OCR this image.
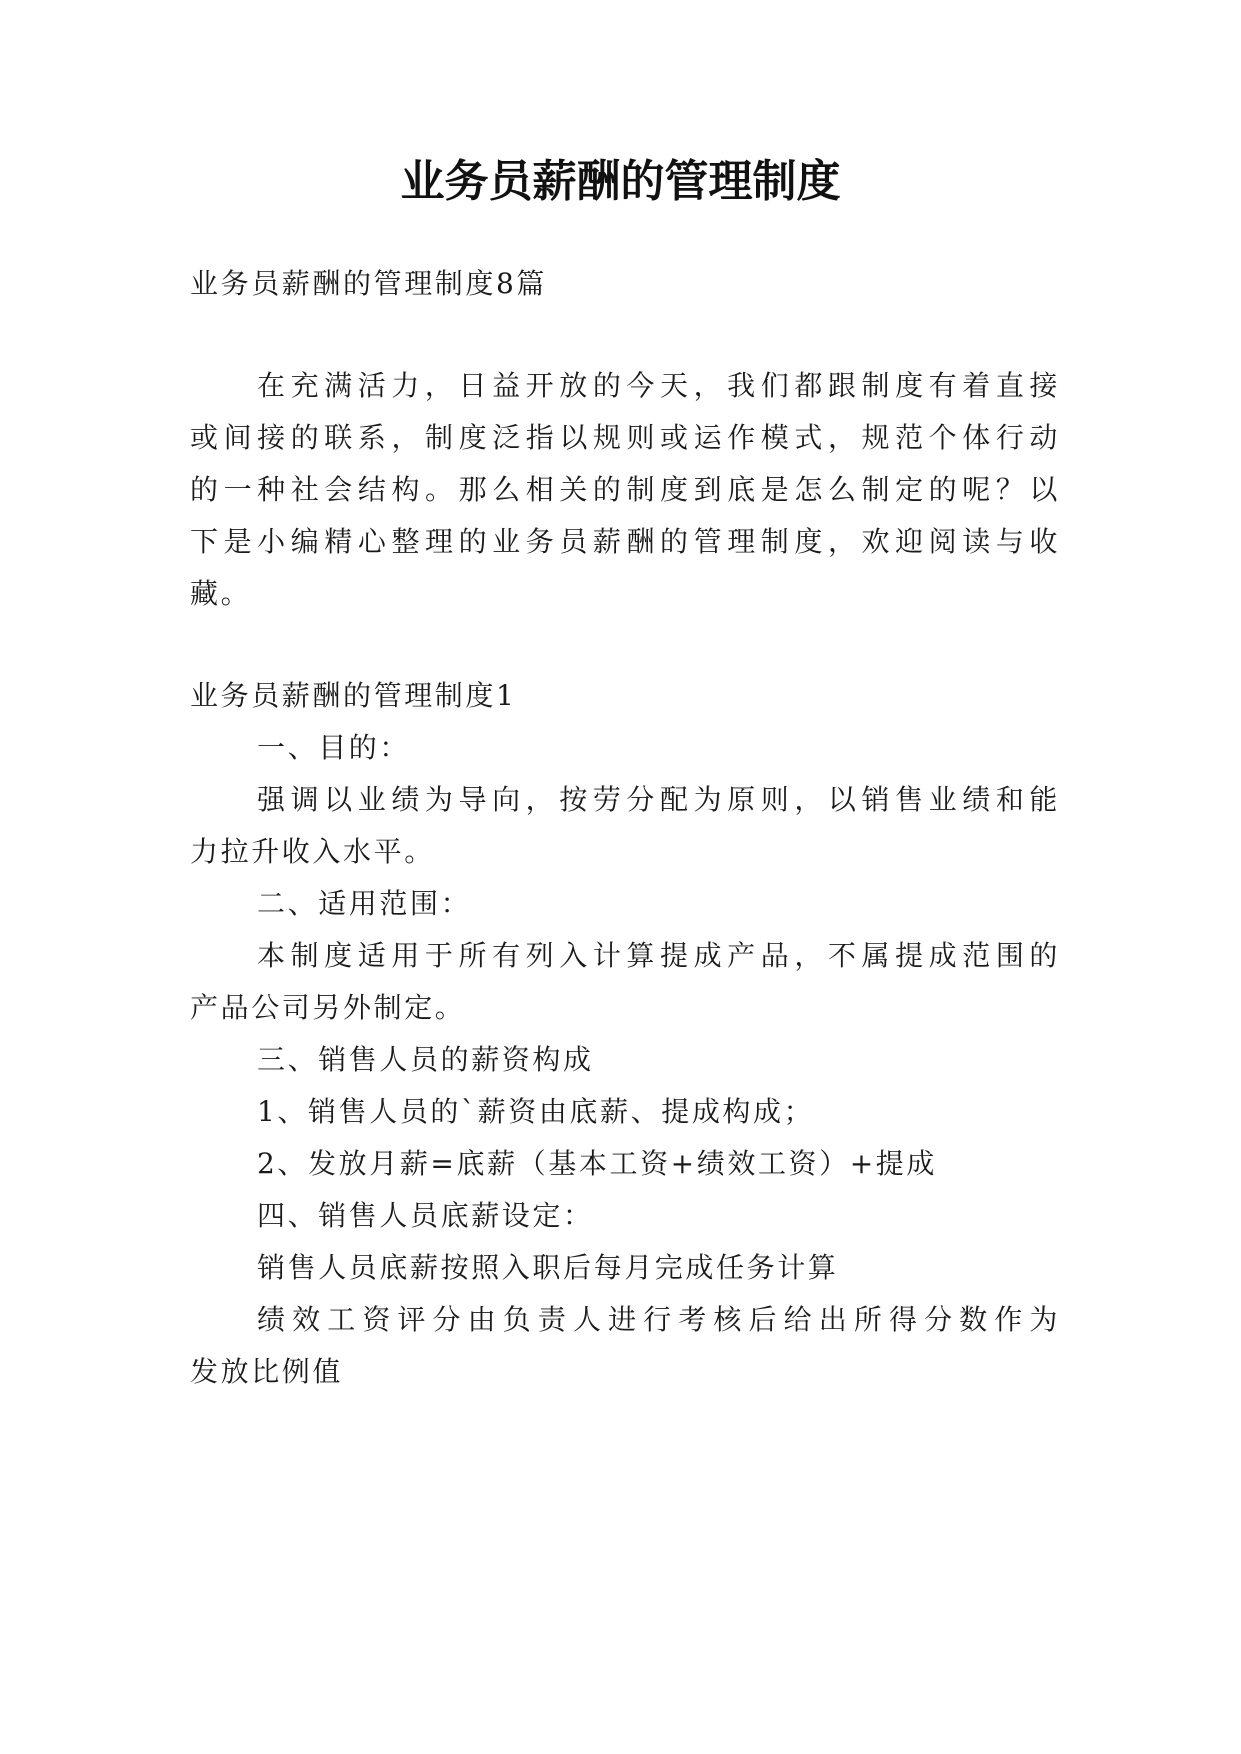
业务员薪酬的管理制度
业务员薪酬的管理制度8篇
在充满活力，日益开放的今天，我们都跟制度有着直接
或间接的联系，制度泛指以规则或运作模式，规范个体行动
的一种社会结构。那么相关的制度到底是怎么制定的呢？以
下是小编精心整理的业务员薪酬的管理制度，欢迎阅读与收
藏。
业务员薪酬的管理制度1
一、目的：
强调以业绩为导向，按劳分配为原则，以销售业绩和能
力拉升收入水平。
二、适用范围：
本制度适用于所有列入计算提成产品，不属提成范围的
产品公司另外制定。
三、销售人员的薪资构成
1、销售人员的`薪资由底薪、提成构成；
2、发放月薪=底薪（基本工资+绩效工资）+提成
四、销售人员底薪设定：
销售人员底薪按照入职后每月完成任务计算
绩效工资评分由负责人进行考核后给出所得分数作为
发放比例值
